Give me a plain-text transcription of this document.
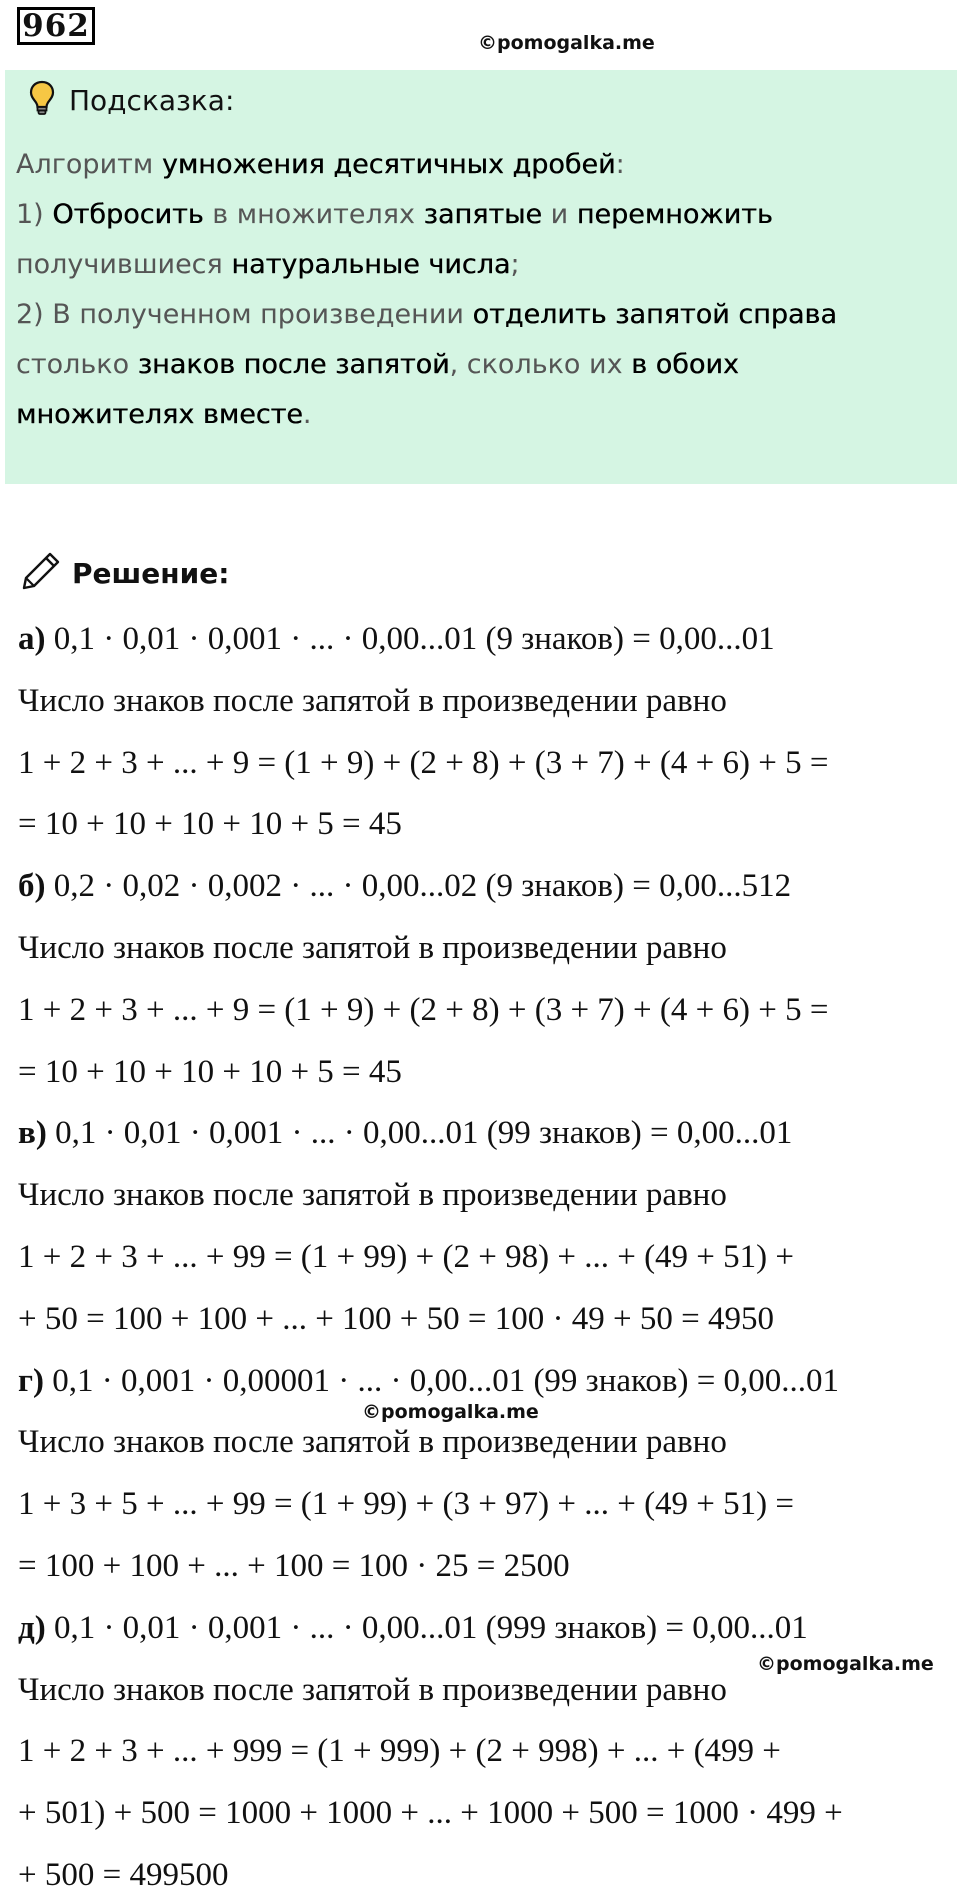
962	©pomogalka.me
Подсказка:
Алгоритм умножения десятичных дробей:
1) Отбросить в множителях запятые и перемножить
получившиеся натуральные числа;
2) В полученном произведении отделить запятой справа
столько знаков после запятой, сколько их в обоих
множителях вместе.
Решение:
а) 0,1 · 0,01 · 0,001 · ... · 0,00...01 (9 знаков) = 0,00...01
Число знаков после запятой в произведении равно
1 + 2 + 3 + ... + 9 = (1 + 9) + (2 + 8) + (3 + 7) + (4 + 6) + 5 =
= 10 + 10 + 10 + 10 + 5 = 45
б) 0,2 · 0,02 · 0,002 · ... · 0,00...02 (9 знаков) = 0,00...512
Число знаков после запятой в произведении равно
1 + 2 + 3 + ... + 9 = (1 + 9) + (2 + 8) + (3 + 7) + (4 + 6) + 5 =
= 10 + 10 + 10 + 10 + 5 = 45
в) 0,1 · 0,01 · 0,001 · ... · 0,00...01 (99 знаков) = 0,00...01
Число знаков после запятой в произведении равно
1 + 2 + 3 + ... + 99 = (1 + 99) + (2 + 98) + ... + (49 + 51) +
+ 50 = 100 + 100 + ... + 100 + 50 = 100 · 49 + 50 = 4950
г) 0,1 · 0,001 · 0,00001 · ... · 0,00...01 (99 знаков) = 0,00...01
Число знаков после запятой в произведении равно
1 + 3 + 5 + ... + 99 = (1 + 99) + (3 + 97) + ... + (49 + 51) =
= 100 + 100 + ... + 100 = 100 · 25 = 2500
д) 0,1 · 0,01 · 0,001 · ... · 0,00...01 (999 знаков) = 0,00...01
Число знаков после запятой в произведении равно
1 + 2 + 3 + ... + 999 = (1 + 999) + (2 + 998) + ... + (499 +
+ 501) + 500 = 1000 + 1000 + ... + 1000 + 500 = 1000 · 499 +
+ 500 = 499500
©pomogalka.me
©pomogalka.me
